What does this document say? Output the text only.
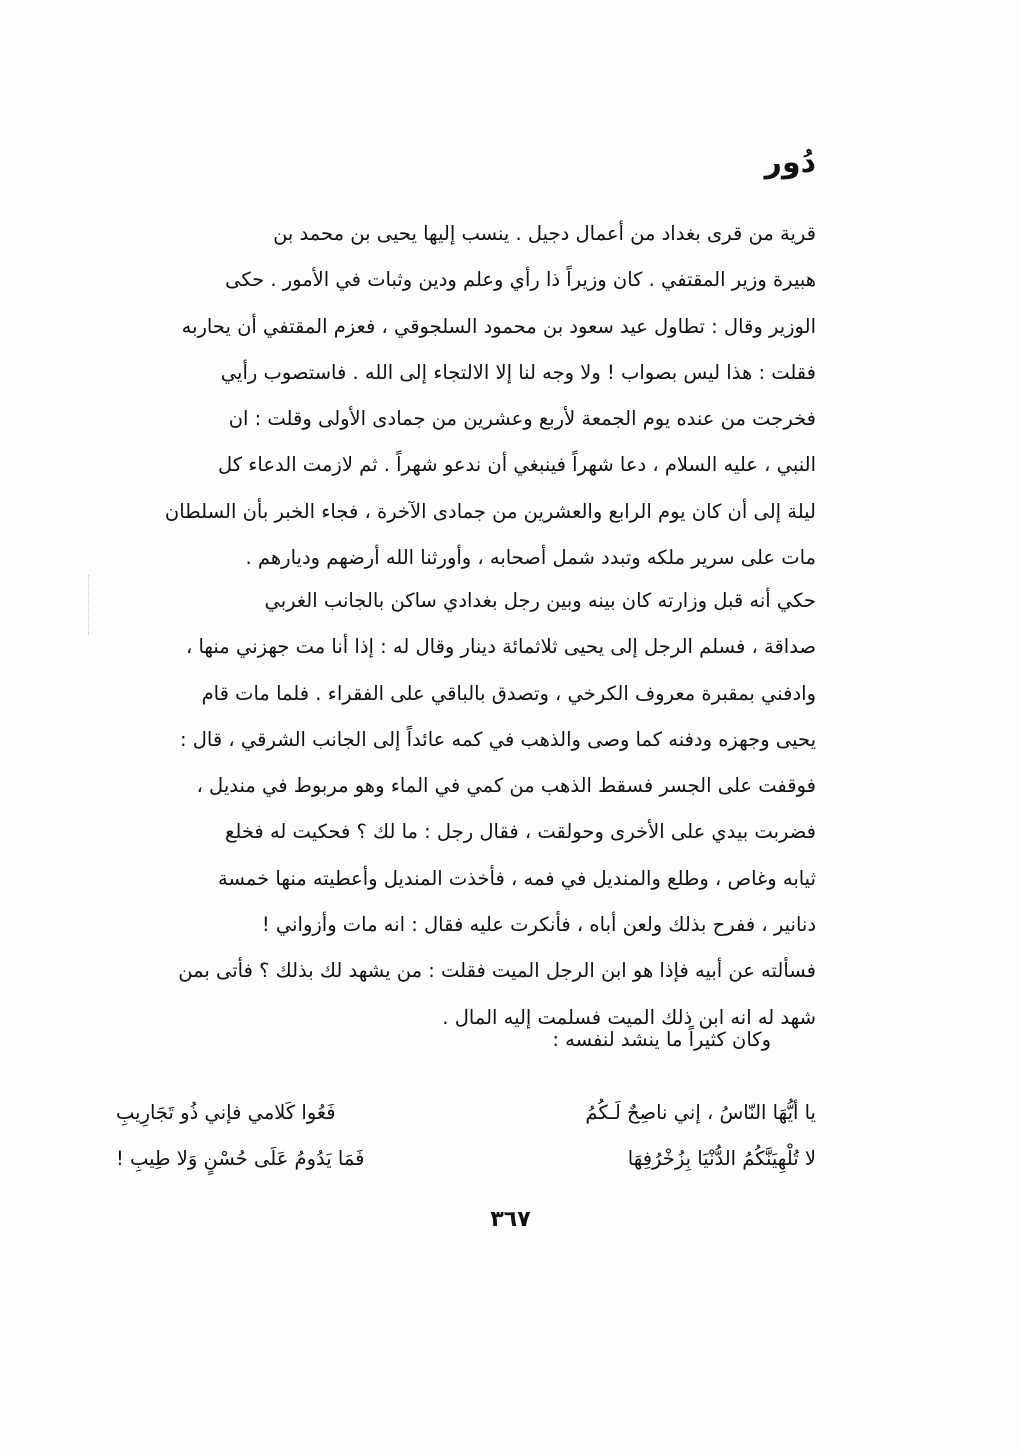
دُور
قرية من قرى بغداد من أعمال دجيل . ينسب إليها يحيى بن محمد بن
هبيرة وزير المقتفي . كان وزيراً ذا رأي وعلم ودين وثبات في الأمور . حكى
الوزير وقال : تطاول عيد سعود بن محمود السلجوقي ، فعزم المقتفي أن يحاربه
فقلت : هذا ليس بصواب ! ولا وجه لنا إلا الالتجاء إلى الله . فاستصوب رأيي
فخرجت من عنده يوم الجمعة لأربع وعشرين من جمادى الأولى وقلت : ان
النبي ، عليه السلام ، دعا شهراً فينبغي أن ندعو شهراً . ثم لازمت الدعاء كل
ليلة إلى أن كان يوم الرابع والعشرين من جمادى الآخرة ، فجاء الخبر بأن السلطان
مات على سرير ملكه وتبدد شمل أصحابه ، وأورثنا الله أرضهم وديارهم .
حكي أنه قبل وزارته كان بينه وبين رجل بغدادي ساكن بالجانب الغربي
صداقة ، فسلم الرجل إلى يحيى ثلاثمائة دينار وقال له : إذا أنا مت جهزني منها ،
وادفني بمقبرة معروف الكرخي ، وتصدق بالباقي على الفقراء . فلما مات قام
يحيى وجهزه ودفنه كما وصى والذهب في كمه عائداً إلى الجانب الشرقي ، قال :
فوقفت على الجسر فسقط الذهب من كمي في الماء وهو مربوط في منديل ،
فضربت بيدي على الأخرى وحولقت ، فقال رجل : ما لك ؟ فحكيت له فخلع
ثيابه وغاص ، وطلع والمنديل في فمه ، فأخذت المنديل وأعطيته منها خمسة
دنانير ، ففرح بذلك ولعن أباه ، فأنكرت عليه فقال : انه مات وأزواني !
فسألته عن أبيه فإذا هو ابن الرجل الميت فقلت : من يشهد لك بذلك ؟ فأتى بمن
شهد له انه ابن ذلك الميت فسلمت إليه المال .
وكان كثيراً ما ينشد لنفسه :
يا أيُّهَا النّاسُ ، إني ناصِحٌ لَـكُمُ
فَعُوا كَلامي فإني ذُو تَجَارِيبِ
لا تُلْهِيَنَّكُمُ الدُّنْيَا بِزُخْرُفِهَا
فَمَا يَدُومُ عَلَى حُسْنٍ وَلا طِيبِ !
٣٦٧
